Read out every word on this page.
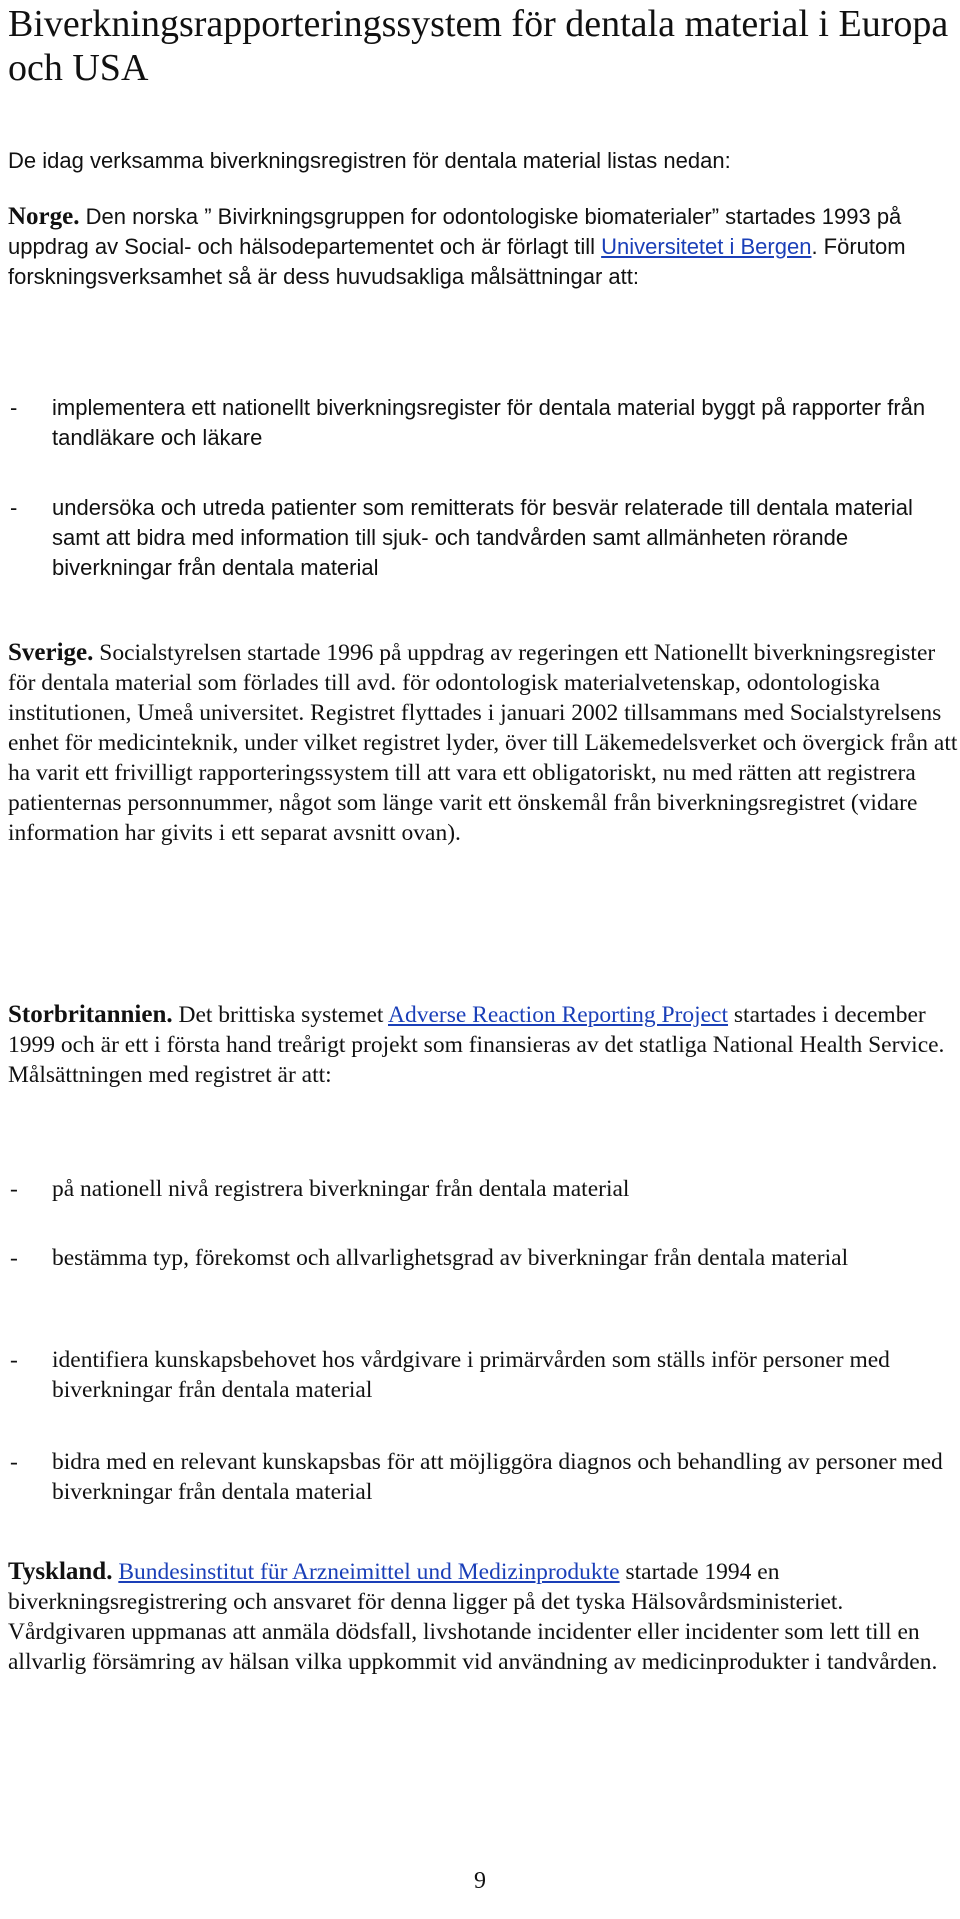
Biverkningsrapporteringssystem för dentala material i Europa och USA

De idag verksamma biverkningsregistren för dentala material listas nedan:

Norge. Den norska ” Bivirkningsgruppen for odontologiske biomaterialer” startades 1993 på uppdrag av Social- och hälsodepartementet och är förlagt till Universitetet i Bergen. Förutom forskningsverksamhet så är dess huvudsakliga målsättningar att:

- implementera ett nationellt biverkningsregister för dentala material byggt på rapporter från tandläkare och läkare
- undersöka och utreda patienter som remitterats för besvär relaterade till dentala material samt att bidra med information till sjuk- och tandvården samt allmänheten rörande biverkningar från dentala material

Sverige. Socialstyrelsen startade 1996 på uppdrag av regeringen ett Nationellt biverkningsregister för dentala material som förlades till avd. för odontologisk materialvetenskap, odontologiska institutionen, Umeå universitet. Registret flyttades i januari 2002 tillsammans med Socialstyrelsens enhet för medicinteknik, under vilket registret lyder, över till Läkemedelsverket och övergick från att ha varit ett frivilligt rapporteringssystem till att vara ett obligatoriskt, nu med rätten att registrera patienternas personnummer, något som länge varit ett önskemål från biverkningsregistret (vidare information har givits i ett separat avsnitt ovan).

Storbritannien. Det brittiska systemet Adverse Reaction Reporting Project startades i december 1999 och är ett i första hand treårigt projekt som finansieras av det statliga National Health Service. Målsättningen med registret är att:

- på nationell nivå registrera biverkningar från dentala material
- bestämma typ, förekomst och allvarlighetsgrad av biverkningar från dentala material
- identifiera kunskapsbehovet hos vårdgivare i primärvården som ställs inför personer med biverkningar från dentala material
- bidra med en relevant kunskapsbas för att möjliggöra diagnos och behandling av personer med biverkningar från dentala material

Tyskland. Bundesinstitut für Arzneimittel und Medizinprodukte startade 1994 en biverkningsregistrering och ansvaret för denna ligger på det tyska Hälsovårdsministeriet. Vårdgivaren uppmanas att anmäla dödsfall, livshotande incidenter eller incidenter som lett till en allvarlig försämring av hälsan vilka uppkommit vid användning av medicinprodukter i tandvården.

9
